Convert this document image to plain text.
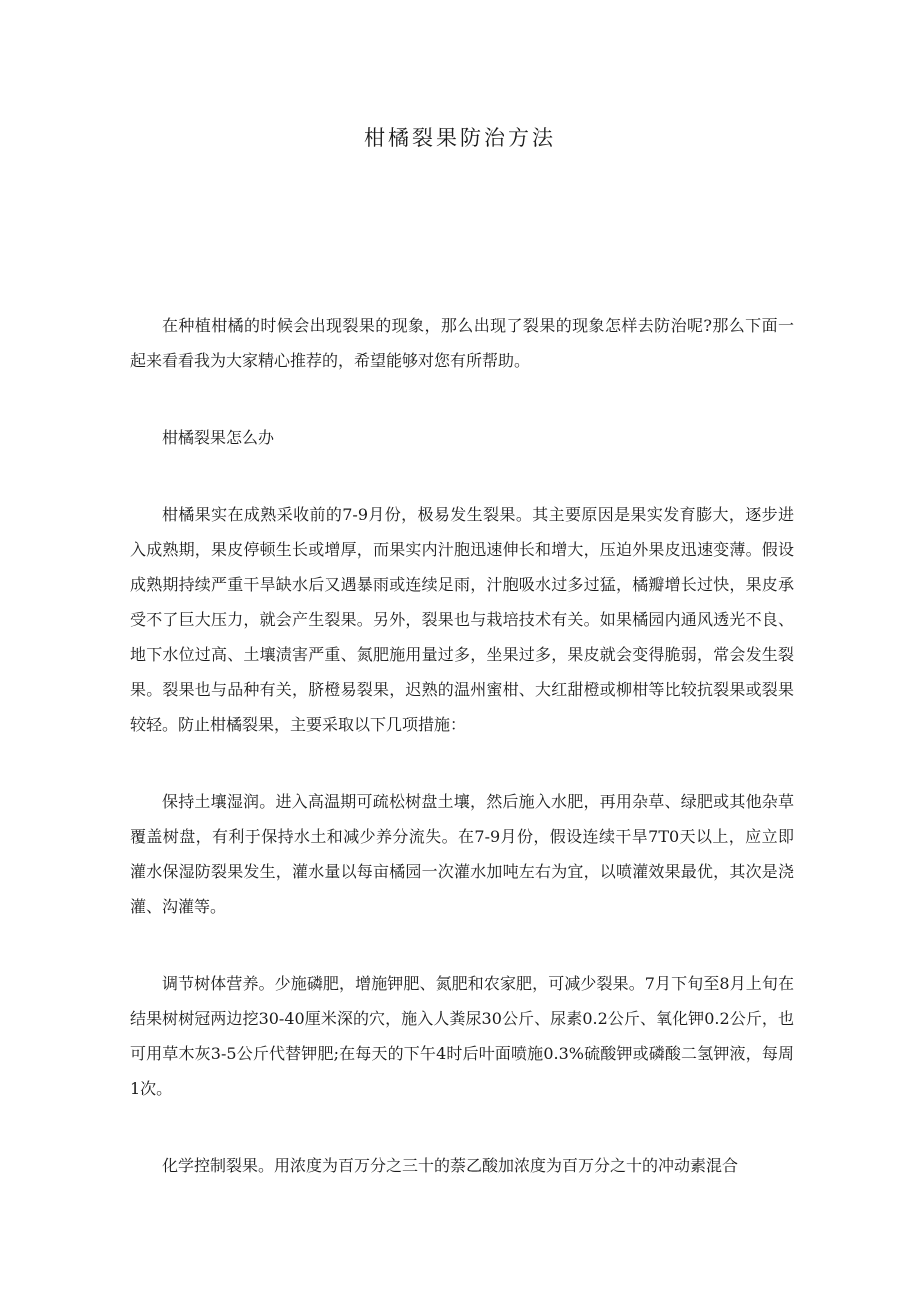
柑橘裂果防治方法

在种植柑橘的时候会出现裂果的现象，那么出现了裂果的现象怎样去防治呢?那么下面一起来看看我为大家精心推荐的，希望能够对您有所帮助。

柑橘裂果怎么办

柑橘果实在成熟采收前的7-9月份，极易发生裂果。其主要原因是果实发育膨大，逐步进入成熟期，果皮停顿生长或增厚，而果实内汁胞迅速伸长和增大，压迫外果皮迅速变薄。假设成熟期持续严重干旱缺水后又遇暴雨或连续足雨，汁胞吸水过多过猛，橘瓣增长过快，果皮承受不了巨大压力，就会产生裂果。另外，裂果也与栽培技术有关。如果橘园内通风透光不良、地下水位过高、土壤渍害严重、氮肥施用量过多，坐果过多，果皮就会变得脆弱，常会发生裂果。裂果也与品种有关，脐橙易裂果，迟熟的温州蜜柑、大红甜橙或柳柑等比较抗裂果或裂果较轻。防止柑橘裂果，主要采取以下几项措施：

保持土壤湿润。进入高温期可疏松树盘土壤，然后施入水肥，再用杂草、绿肥或其他杂草覆盖树盘，有利于保持水土和减少养分流失。在7-9月份，假设连续干旱7T0天以上，应立即灌水保湿防裂果发生，灌水量以每亩橘园一次灌水加吨左右为宜，以喷灌效果最优，其次是浇灌、沟灌等。

调节树体营养。少施磷肥，增施钾肥、氮肥和农家肥，可减少裂果。7月下旬至8月上旬在结果树树冠两边挖30-40厘米深的穴，施入人粪尿30公斤、尿素0.2公斤、氧化钾0.2公斤，也可用草木灰3-5公斤代替钾肥;在每天的下午4时后叶面喷施0.3%硫酸钾或磷酸二氢钾液，每周1次。

化学控制裂果。用浓度为百万分之三十的萘乙酸加浓度为百万分之十的冲动素混合
